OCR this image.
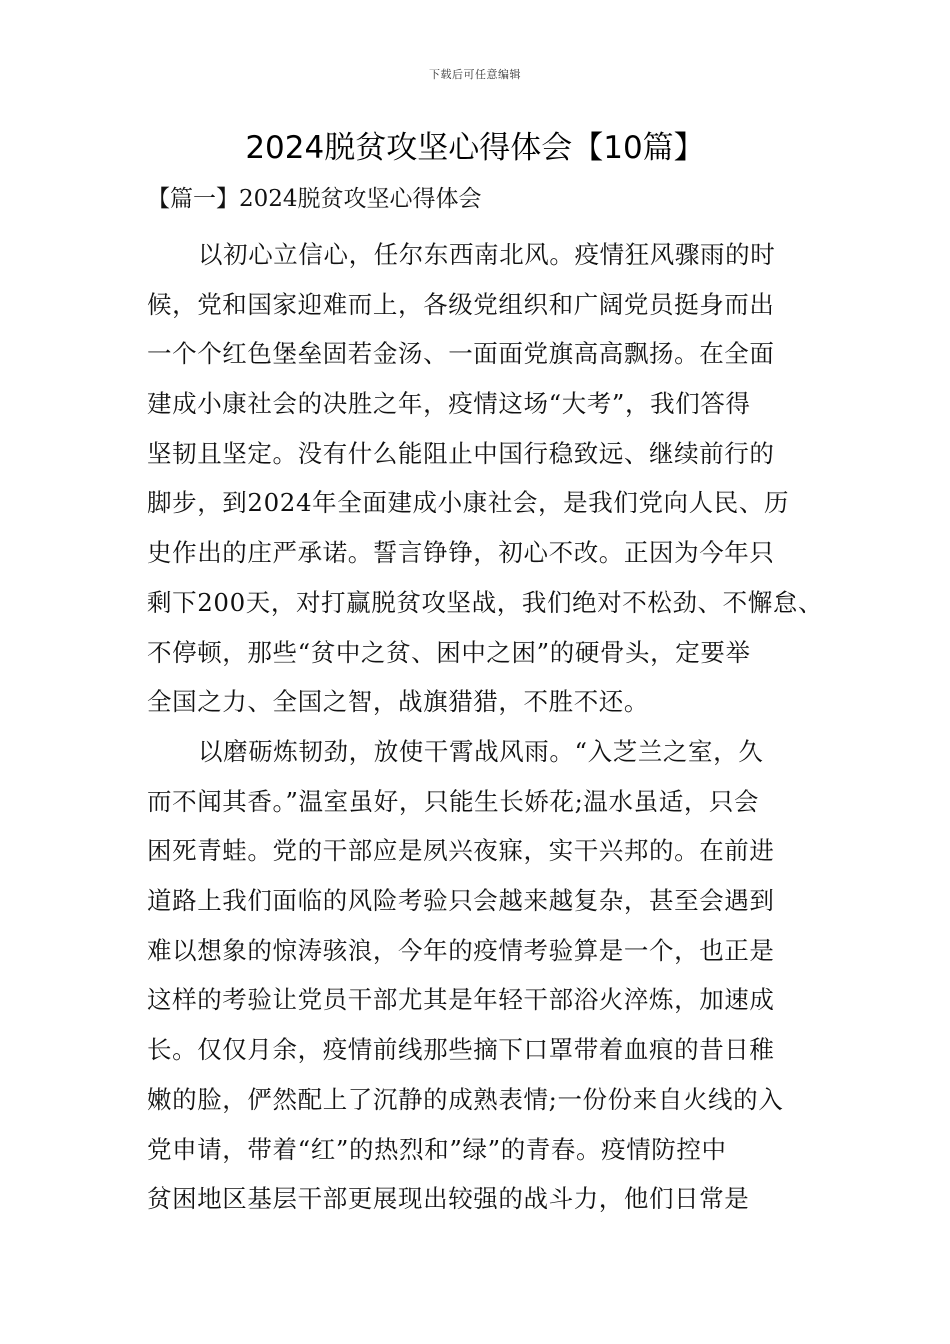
下载后可任意编辑
2024脱贫攻坚心得体会【10篇】
【篇一】2024脱贫攻坚心得体会
以初心立信心，任尔东西南北风。疫情狂风骤雨的时
候，党和国家迎难而上，各级党组织和广阔党员挺身而出
一个个红色堡垒固若金汤、一面面党旗高高飘扬。在全面
建成小康社会的决胜之年，疫情这场“大考”，我们答得
坚韧且坚定。没有什么能阻止中国行稳致远、继续前行的
脚步，到2024年全面建成小康社会，是我们党向人民、历
史作出的庄严承诺。誓言铮铮，初心不改。正因为今年只
剩下200天，对打赢脱贫攻坚战，我们绝对不松劲、不懈怠、
不停顿，那些“贫中之贫、困中之困”的硬骨头，定要举
全国之力、全国之智，战旗猎猎，不胜不还。
以磨砺炼韧劲，放使干霄战风雨。“入芝兰之室，久
而不闻其香。”温室虽好，只能生长娇花;温水虽适，只会
困死青蛙。党的干部应是夙兴夜寐，实干兴邦的。在前进
道路上我们面临的风险考验只会越来越复杂，甚至会遇到
难以想象的惊涛骇浪，今年的疫情考验算是一个，也正是
这样的考验让党员干部尤其是年轻干部浴火淬炼，加速成
长。仅仅月余，疫情前线那些摘下口罩带着血痕的昔日稚
嫩的脸，俨然配上了沉静的成熟表情;一份份来自火线的入
党申请，带着“红”的热烈和”绿”的青春。疫情防控中
贫困地区基层干部更展现出较强的战斗力，他们日常是
